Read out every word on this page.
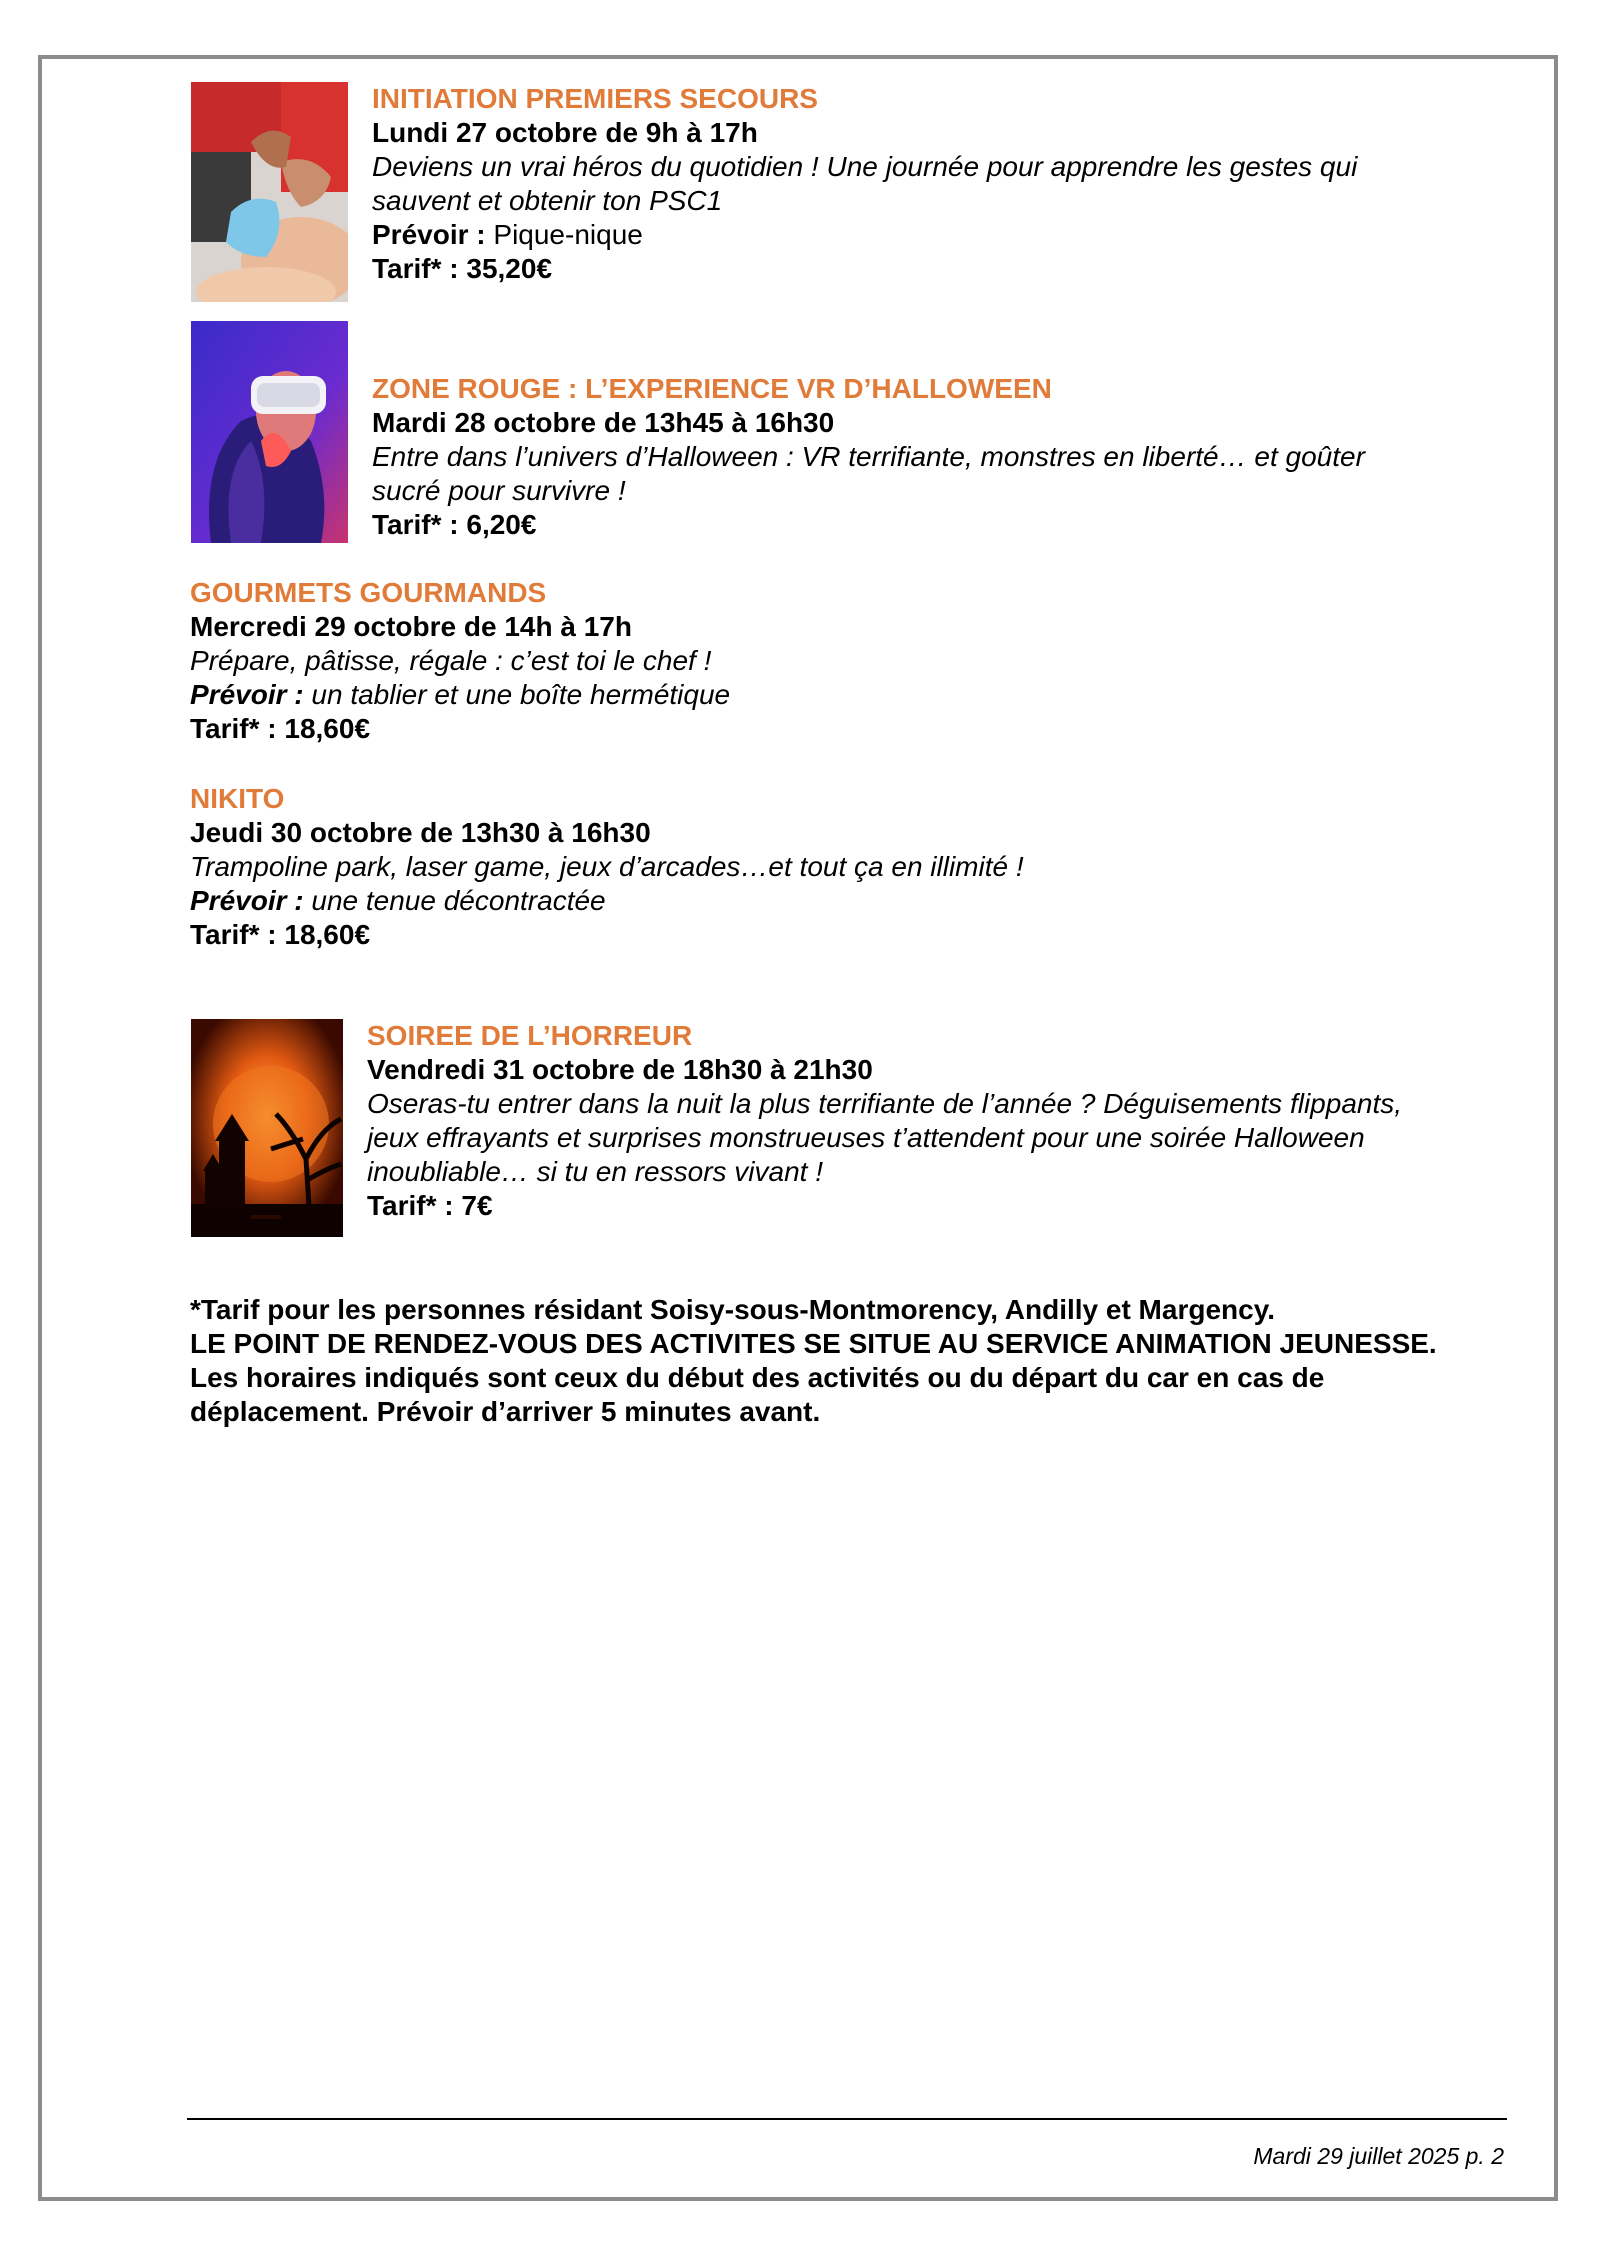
INITIATION PREMIERS SECOURS
Lundi 27 octobre de 9h à 17h
Deviens un vrai héros du quotidien ! Une journée pour apprendre les gestes qui
sauvent et obtenir ton PSC1
Prévoir : Pique-nique
Tarif* : 35,20€
ZONE ROUGE : L’EXPERIENCE VR D’HALLOWEEN
Mardi 28 octobre de 13h45 à 16h30
Entre dans l’univers d’Halloween : VR terrifiante, monstres en liberté… et goûter
sucré pour survivre !
Tarif* : 6,20€
GOURMETS GOURMANDS
Mercredi 29 octobre de 14h à 17h
Prépare, pâtisse, régale : c’est toi le chef !
Prévoir : un tablier et une boîte hermétique
Tarif* : 18,60€
NIKITO
Jeudi 30 octobre de 13h30 à 16h30
Trampoline park, laser game, jeux d’arcades…et tout ça en illimité !
Prévoir : une tenue décontractée
Tarif* : 18,60€
SOIREE DE L’HORREUR
Vendredi 31 octobre de 18h30 à 21h30
Oseras-tu entrer dans la nuit la plus terrifiante de l’année ? Déguisements flippants,
jeux effrayants et surprises monstrueuses t’attendent pour une soirée Halloween
inoubliable… si tu en ressors vivant !
Tarif* : 7€

*Tarif pour les personnes résidant Soisy-sous-Montmorency, Andilly et Margency.

LE POINT DE RENDEZ-VOUS DES ACTIVITES SE SITUE AU SERVICE ANIMATION JEUNESSE.

Les horaires indiqués sont ceux du début des activités ou du départ du car en cas de déplacement. Prévoir d’arriver 5 minutes avant.

Mardi 29 juillet 2025 p. 2
